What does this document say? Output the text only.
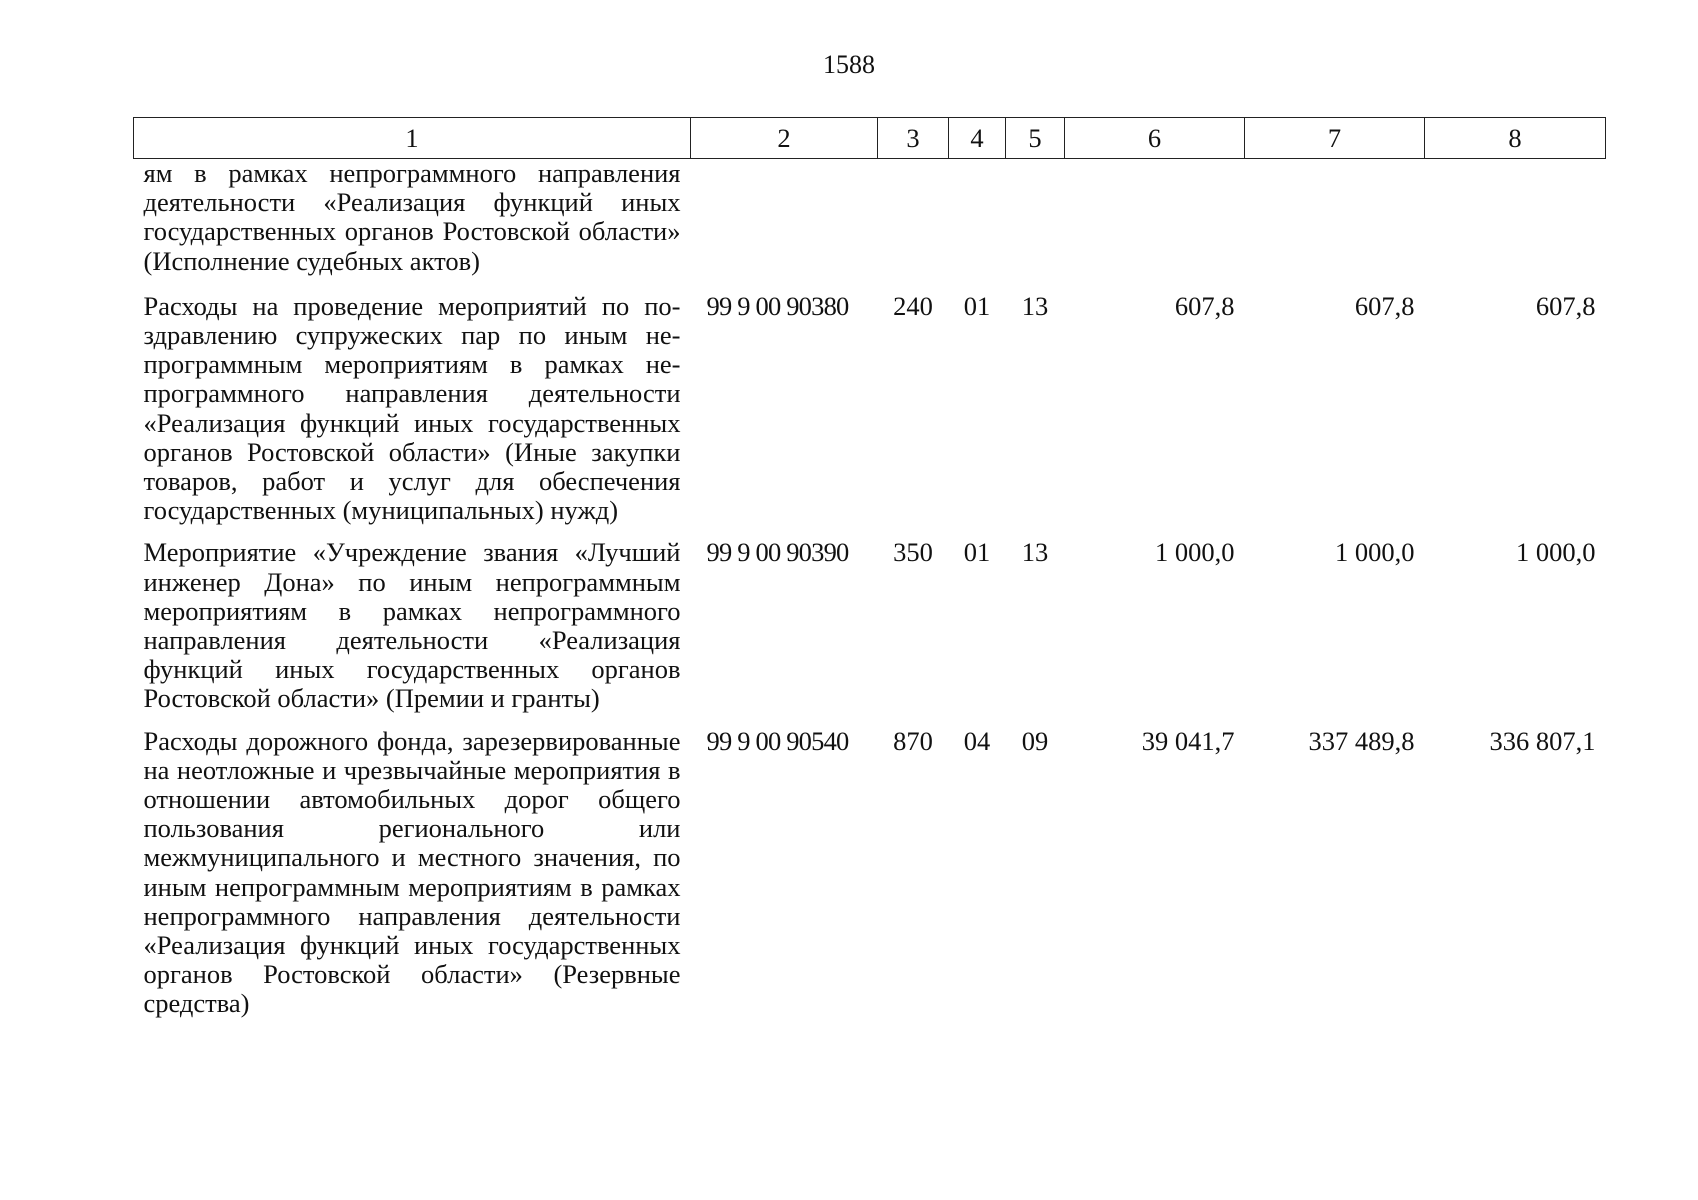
1588
1	2	3	4	5	6	7	8
ям в рамках непрограммного направления деятельности «Реализация функций иных государственных органов Ростовской области» (Исполнение судебных актов)							
Расходы на проведение мероприятий по поздравлению супружеских пар по иным непрограммным мероприятиям в рамках непрограммного направления деятельности «Реализация функций иных государственных органов Ростовской области» (Иные закупки товаров, работ и услуг для обеспечения государственных (муниципальных) нужд)	99 9 00 90380	240	01	13	607,8	607,8	607,8
Мероприятие «Учреждение звания «Лучший инженер Дона» по иным непрограммным мероприятиям в рамках непрограммного направления деятельности «Реализация функций иных государственных органов Ростовской области» (Премии и гранты)	99 9 00 90390	350	01	13	1 000,0	1 000,0	1 000,0
Расходы дорожного фонда, зарезервированные на неотложные и чрезвычайные мероприятия в отношении автомобильных дорог общего пользования регионального или межмуниципального и местного значения, по иным непрограммным мероприятиям в рамках непрограммного направления деятельности «Реализация функций иных государственных органов Ростовской области» (Резервные средства)	99 9 00 90540	870	04	09	39 041,7	337 489,8	336 807,1
